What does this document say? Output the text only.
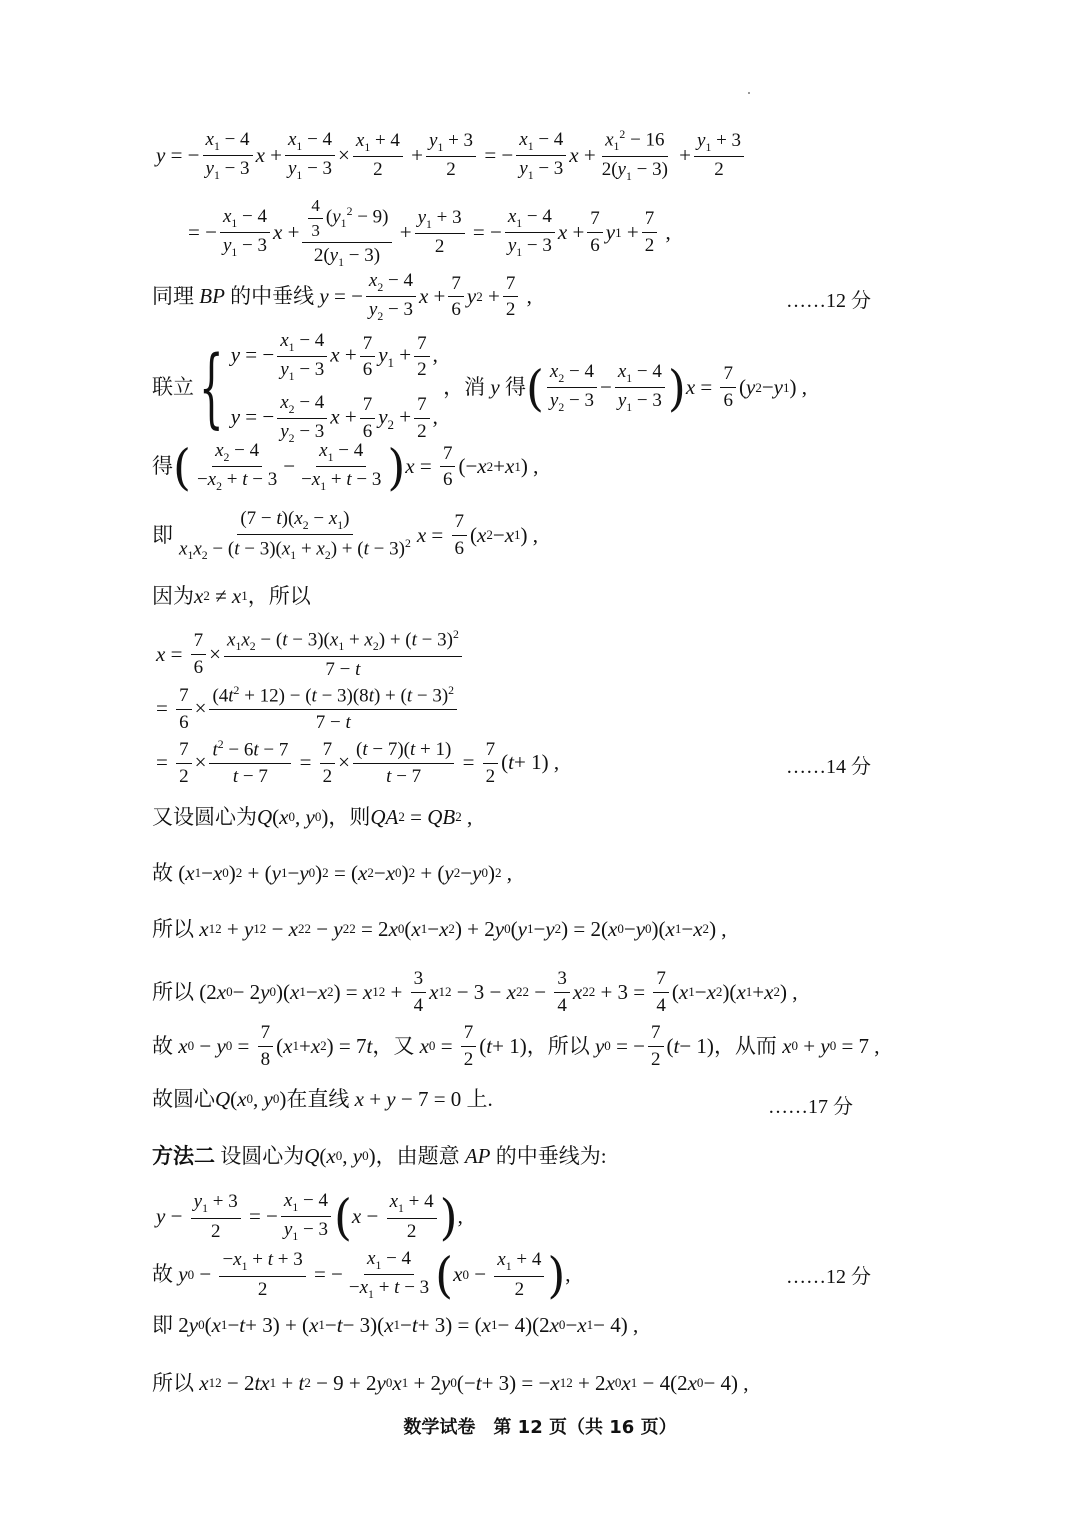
y = − $\frac{x_1 - 4}{y_1 - 3}$ $x + \frac{x_1 - 4}{y_1 - 3} \times \frac{x_1 + 4}{2} + \frac{y_1 + 3}{2}$ = − $\frac{x_1 - 4}{y_1 - 3}$ $x + \frac{x_1^2 - 16}{2(y_1 - 3)} + \frac{y_1 + 3}{2}$
= − $\frac{x_1 - 4}{y_1 - 3}$ $x + \frac{\frac{4}{3} (y_1^2 - 9)}{2(y_1 - 3)} + \frac{y_1 + 3}{2}$ = − $\frac{x_1 - 4}{y_1 - 3}$ $x + \frac{7}{6}$ y $1 + \frac{7}{2}$ ,
同理
BP
的中垂线
y = − $\frac{x_2 - 4}{y_2 - 3}$ $x + \frac{7}{6}$ y $2 + \frac{7}{2}$ ,	……12 分
联立 { y = − $\frac{x_1 - 4}{y_1 - 3}$ $x + \frac{7}{6} y_1 + \frac{7}{2}$ ,
y = − $\frac{x_2 - 4}{y_2 - 3}$ $x + \frac{7}{6} y_2 + \frac{7}{2}$ ,

，消
y
得 ( $\frac{x_2 - 4}{y_2 - 3} - \frac{x_1 - 4}{y_1 - 3}$ ) $x = \frac{7}{6}$ ( y 2 − y 1 ) ,
得 ( $\frac{x_2 - 4}{-x_2 + t - 3} - \frac{x_1 - 4}{-x_1 + t - 3}$ ) $x = \frac{7}{6}$ (− x 2 + x 1 ) ,
即 $\frac{(7 - t)(x_2 - x_1)}{x_1x_2 - (t - 3)(x_1 + x_2) + (t - 3)^2}$ $x = \frac{7}{6}$ ( x 2 − x 1 ) ,
因为 x 2 ≠ x 1 ，所以
$x = \frac{7}{6} \times \frac{x_1x_2 - (t - 3)(x_1 + x_2) + (t - 3)^2}{7 - t}$
= $\frac{7}{6} \times \frac{(4t^2 + 12) - (t - 3)(8t) + (t - 3)^2}{7 - t}$
= $\frac{7}{2} \times \frac{t^2 - 6t - 7}{t - 7} = \frac{7}{2} \times \frac{(t - 7)(t + 1)}{t - 7} = \frac{7}{2}$ ( t + 1) ,	……14 分
又设圆心为 Q ( x 0 , y 0 ) ，则 QA 2 = QB 2 ,
故 ( x 1 − x 0 ) 2 + ( y 1 − y 0 ) 2 = ( x 2 − x 0 ) 2 + ( y 2 − y 0 ) 2 ,
所以
x 1 2 + y 1 2 − x 2 2 − y 2 2 = 2 x 0 ( x 1 − x 2 ) + 2 y 0 ( y 1 − y 2 ) = 2( x 0 − y 0 )( x 1 − x 2 ) ,
所以 (2 x 0 − 2 y 0 )( x 1 − x 2 ) = x 1 $2 + \frac{3}{4}$ x 1 2 − 3 − x 2 $2 - \frac{3}{4}$ x 2 $2 + 3 = \frac{7}{4}$ ( x 1 − x 2 )( x 1 + x 2 ) ,
故
x 0 − y $0 = \frac{7}{8}$ ( x 1 + x 2 ) = 7 t ，又
x $0 = \frac{7}{2}$ ( t + 1) ，所以
y 0 = − $\frac{7}{2}$ ( t − 1) ，从而
x 0 + y 0 = 7 ,
故圆心 Q ( x 0 , y 0 ) 在直线
x + y − 7 = 0 上.	……17 分
方法二
设圆心为 Q ( x 0 , y 0 ) ，由题意
AP
的中垂线为:
$y - \frac{y_1 + 3}{2}$ = − $\frac{x_1 - 4}{y_1 - 3}$ ( $x - \frac{x_1 + 4}{2}$ ) ,
故
y $0 - \frac{-x_1 + t + 3}{2}$ = − $\frac{x_1 - 4}{-x_1 + t - 3}$ ( x $0 - \frac{x_1 + 4}{2}$ ) ,	……12 分
即 2 y 0 ( x 1 − t + 3) + ( x 1 − t − 3)( x 1 − t + 3) = ( x 1 − 4)(2 x 0 − x 1 − 4) ,
所以
x 1 2 − 2 tx 1 + t 2 − 9 + 2 y 0 x 1 + 2 y 0 (− t + 3) = − x 1 2 + 2 x 0 x 1 − 4(2 x 0 − 4) ,
数学试卷　第 12 页（共 16 页）
